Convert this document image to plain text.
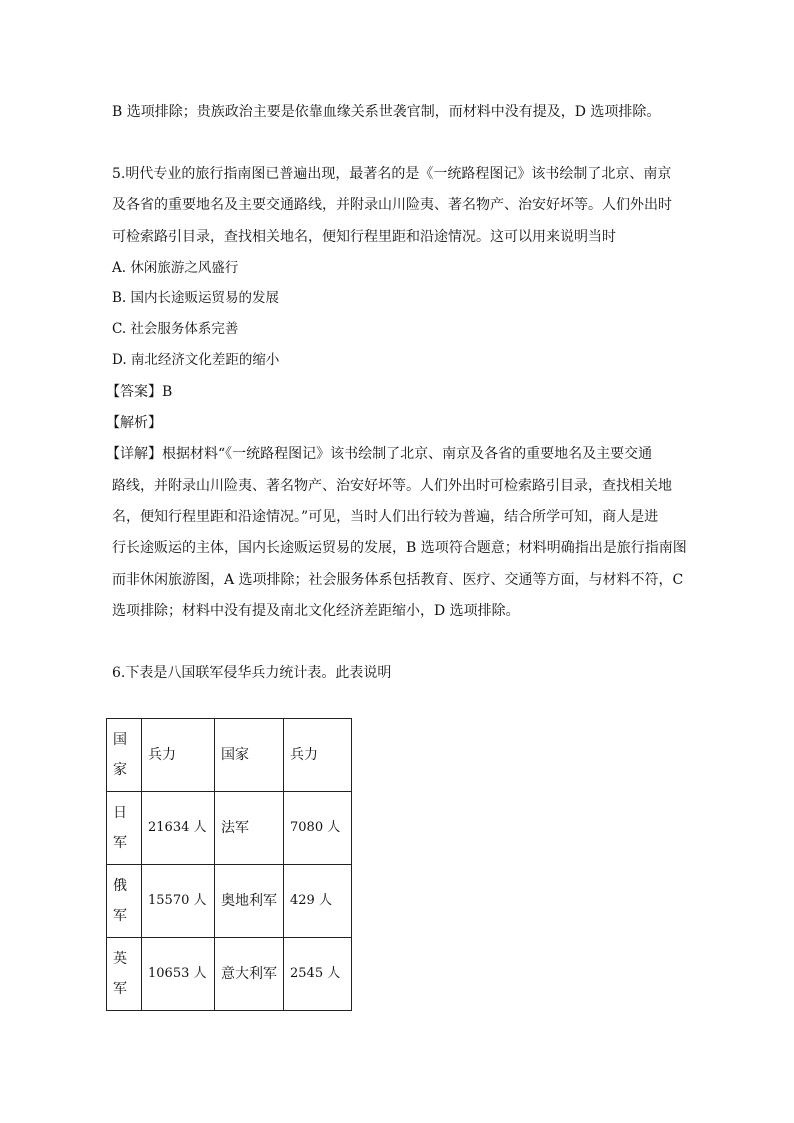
B 选项排除；贵族政治主要是依靠血缘关系世袭官制，而材料中没有提及，D 选项排除。
5.明代专业的旅行指南图已普遍出现，最著名的是《一统路程图记》该书绘制了北京、南京
及各省的重要地名及主要交通路线，并附录山川险夷、著名物产、治安好坏等。人们外出时
可检索路引目录，查找相关地名，便知行程里距和沿途情况。这可以用来说明当时
A. 休闲旅游之风盛行
B. 国内长途贩运贸易的发展
C. 社会服务体系完善
D. 南北经济文化差距的缩小
【答案】B
【解析】
【详解】根据材料“《一统路程图记》该书绘制了北京、南京及各省的重要地名及主要交通
路线，并附录山川险夷、著名物产、治安好坏等。人们外出时可检索路引目录，查找相关地
名，便知行程里距和沿途情况。”可见，当时人们出行较为普遍，结合所学可知，商人是进
行长途贩运的主体，国内长途贩运贸易的发展，B 选项符合题意；材料明确指出是旅行指南图
而非休闲旅游图，A 选项排除；社会服务体系包括教育、医疗、交通等方面，与材料不符，C
选项排除；材料中没有提及南北文化经济差距缩小，D 选项排除。
6.下表是八国联军侵华兵力统计表。此表说明
国家	兵力	国家	兵力
日军	21634 人	法军	7080 人
俄军	15570 人	奥地利军	429 人
英军	10653 人	意大利军	2545 人
